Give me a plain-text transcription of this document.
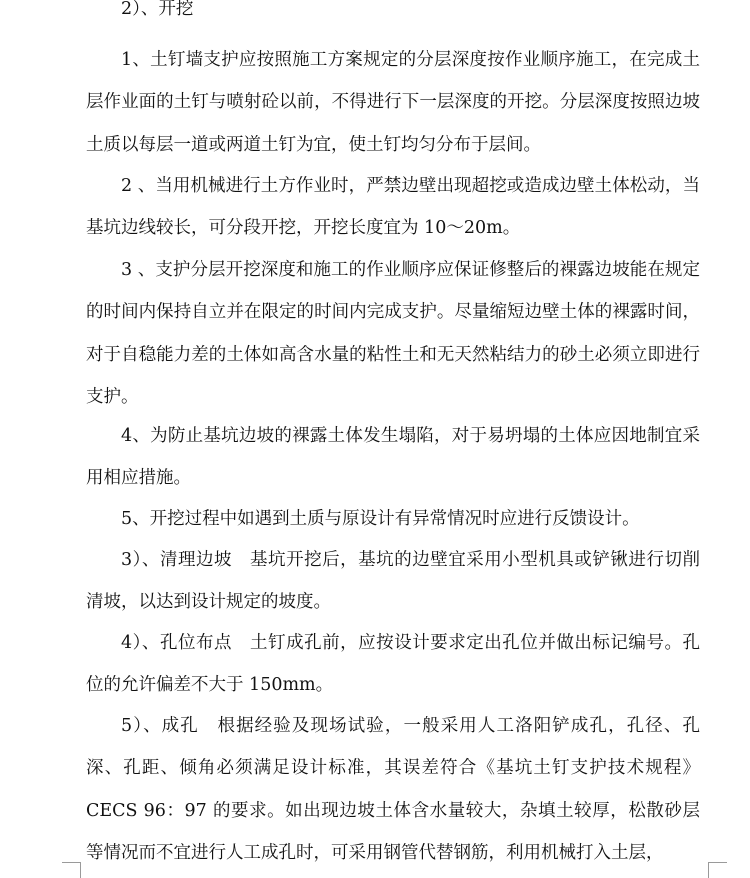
2）、开挖

1、土钉墙支护应按照施工方案规定的分层深度按作业顺序施工，在完成土层作业面的土钉与喷射砼以前，不得进行下一层深度的开挖。分层深度按照边坡土质以每层一道或两道土钉为宜，使土钉均匀分布于层间。

2 、当用机械进行土方作业时，严禁边壁出现超挖或造成边壁土体松动，当基坑边线较长，可分段开挖，开挖长度宜为 10～20m。

3 、支护分层开挖深度和施工的作业顺序应保证修整后的裸露边坡能在规定的时间内保持自立并在限定的时间内完成支护。尽量缩短边壁土体的裸露时间，对于自稳能力差的土体如高含水量的粘性土和无天然粘结力的砂土必须立即进行支护。

4、为防止基坑边坡的裸露土体发生塌陷，对于易坍塌的土体应因地制宜采用相应措施。

5、开挖过程中如遇到土质与原设计有异常情况时应进行反馈设计。

3）、清理边坡　基坑开挖后，基坑的边壁宜采用小型机具或铲锹进行切削清坡，以达到设计规定的坡度。

4）、孔位布点　土钉成孔前，应按设计要求定出孔位并做出标记编号。孔位的允许偏差不大于 150mm。

5）、成孔　根据经验及现场试验，一般采用人工洛阳铲成孔，孔径、孔深、孔距、倾角必须满足设计标准，其误差符合《基坑土钉支护技术规程》CECS 96：97 的要求。如出现边坡土体含水量较大，杂填土较厚，松散砂层等情况而不宜进行人工成孔时，可采用钢管代替钢筋，利用机械打入土层，
